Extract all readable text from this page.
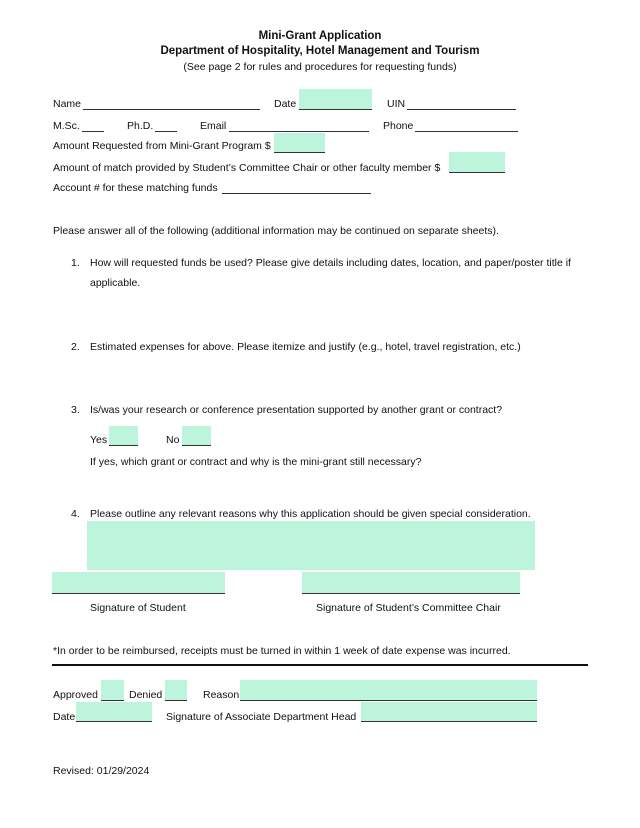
Mini-Grant Application
Department of Hospitality, Hotel Management and Tourism
(See page 2 for rules and procedures for requesting funds)
Name	Date	UIN
M.Sc.	Ph.D.	Email	Phone
Amount Requested from Mini-Grant Program $
Amount of match provided by Student’s Committee Chair or other faculty member $
Account # for these matching funds
Please answer all of the following (additional information may be continued on separate sheets).
1. How will requested funds be used? Please give details including dates, location, and paper/poster title if
applicable.
2. Estimated expenses for above. Please itemize and justify (e.g., hotel, travel registration, etc.)
3. Is/was your research or conference presentation supported by another grant or contract?
Yes	No
If yes, which grant or contract and why is the mini-grant still necessary?
4. Please outline any relevant reasons why this application should be given special consideration.
Signature of Student	Signature of Student’s Committee Chair
*In order to be reimbursed, receipts must be turned in within 1 week of date expense was incurred.
Approved	Denied	Reason
Date	Signature of Associate Department Head
Revised: 01/29/2024
